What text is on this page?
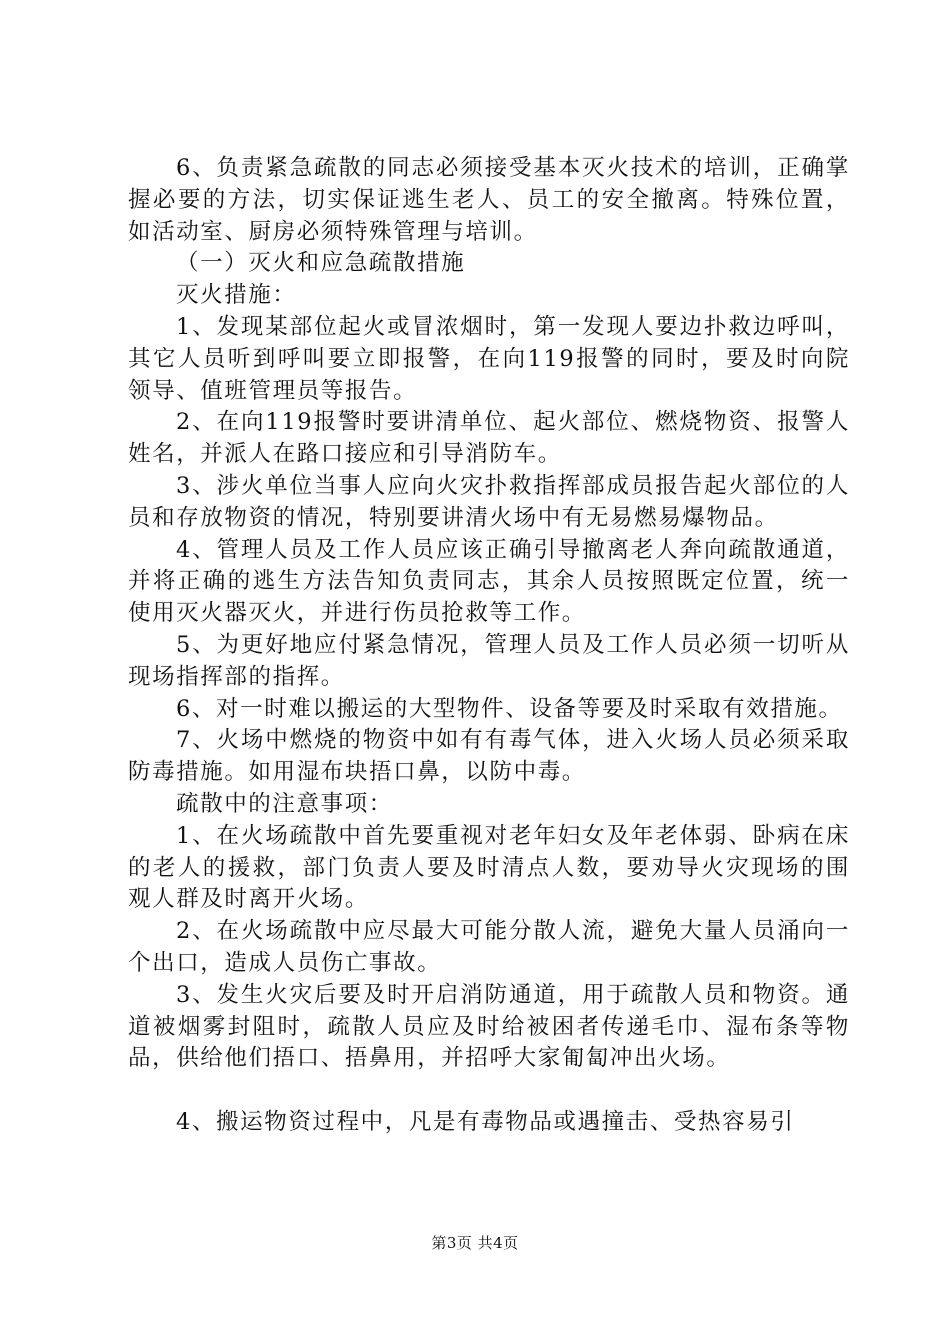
6、负责紧急疏散的同志必须接受基本灭火技术的培训，正确掌握必要的方法，切实保证逃生老人、员工的安全撤离。特殊位置，如活动室、厨房必须特殊管理与培训。

（一）灭火和应急疏散措施

灭火措施：

1、发现某部位起火或冒浓烟时，第一发现人要边扑救边呼叫，其它人员听到呼叫要立即报警，在向119报警的同时，要及时向院领导、值班管理员等报告。

2、在向119报警时要讲清单位、起火部位、燃烧物资、报警人姓名，并派人在路口接应和引导消防车。

3、涉火单位当事人应向火灾扑救指挥部成员报告起火部位的人员和存放物资的情况，特别要讲清火场中有无易燃易爆物品。

4、管理人员及工作人员应该正确引导撤离老人奔向疏散通道，并将正确的逃生方法告知负责同志，其余人员按照既定位置，统一使用灭火器灭火，并进行伤员抢救等工作。

5、为更好地应付紧急情况，管理人员及工作人员必须一切听从现场指挥部的指挥。

6、对一时难以搬运的大型物件、设备等要及时采取有效措施。

7、火场中燃烧的物资中如有有毒气体，进入火场人员必须采取防毒措施。如用湿布块捂口鼻，以防中毒。

疏散中的注意事项：

1、在火场疏散中首先要重视对老年妇女及年老体弱、卧病在床的老人的援救，部门负责人要及时清点人数，要劝导火灾现场的围观人群及时离开火场。

2、在火场疏散中应尽最大可能分散人流，避免大量人员涌向一个出口，造成人员伤亡事故。

3、发生火灾后要及时开启消防通道，用于疏散人员和物资。通道被烟雾封阻时，疏散人员应及时给被困者传递毛巾、湿布条等物品，供给他们捂口、捂鼻用，并招呼大家匍匐冲出火场。

4、搬运物资过程中，凡是有毒物品或遇撞击、受热容易引

第3页 共4页
